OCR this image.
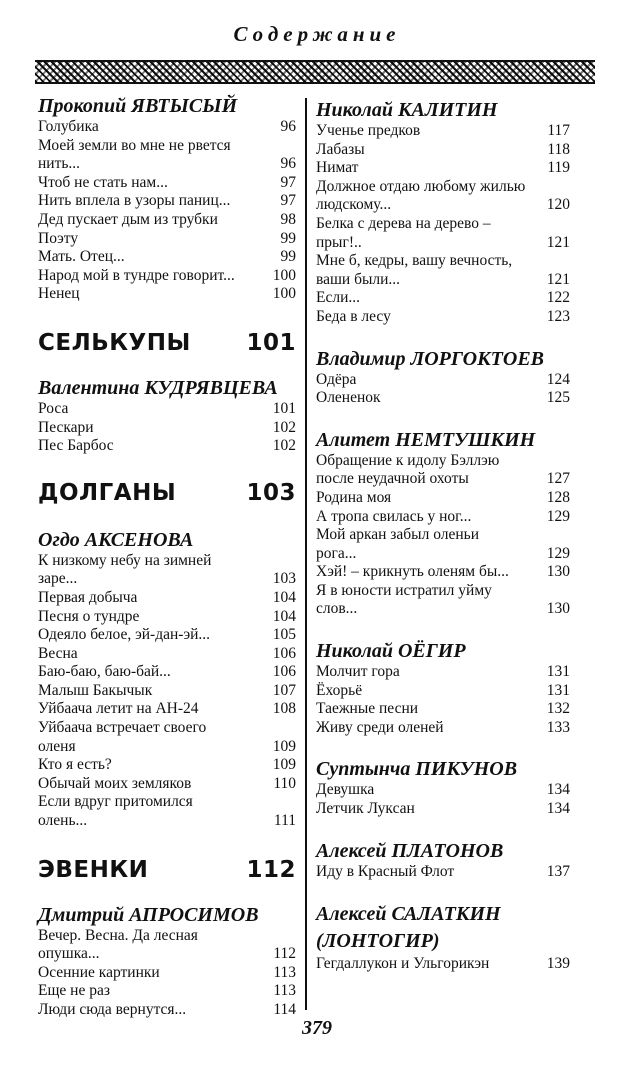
Содержание
Прокопий ЯВТЫСЫЙ
Голубика	96
Моей земли во мне не рвется
нить...	96
Чтоб не стать нам...	97
Нить вплела в узоры паниц...	97
Дед пускает дым из трубки	98
Поэту	99
Мать. Отец...	99
Народ мой в тундре говорит... 100
Ненец	100
СЕЛЬКУПЫ 101
Валентина КУДРЯВЦЕВА
Роса	101
Пескари	102
Пес Барбос	102
ДОЛГАНЫ	103
Огдо АКСЕНОВА
К низкому небу на зимней
заре...	103
Первая добыча	104
Песня о тундре	104
Одеяло белое, эй-дан-эй...	105
Весна	106
Баю-баю, баю-бай...	106
Малыш Бакычык	107
Уйбаача летит на АН-24	108
Уйбаача встречает своего
оленя	109
Кто я есть?	109
Обычай моих земляков	110
Если вдруг притомился
олень...	111
ЭВЕНКИ	112
Дмитрий АПРОСИМОВ
Вечер. Весна. Да лесная
опушка...	112
Осенние картинки	113
Еще не раз	113
Люди сюда вернутся...	114
Николай КАЛИТИН
Ученье предков	117
Лабазы	118
Нимат	119
Должное отдаю любому жилью
людскому...	120
Белка с дерева на дерево –
прыг!..	121
Мне б, кедры, вашу вечность,
ваши были...	121
Если...	122
Беда в лесу	123
Владимир ЛОРГОКТОЕВ
Одёра	124
Олененок	125
Алитет НЕМТУШКИН
Обращение к идолу Бэллэю
после неудачной охоты	127
Родина моя	128
А тропа свилась у ног...	129
Мой аркан забыл оленьи
рога...	129
Хэй! – крикнуть оленям бы... 130
Я в юности истратил уйму
слов...	130
Николай ОЁГИР
Молчит гора	131
Ёхорьё	131
Таежные песни	132
Живу среди оленей	133
Суптынча ПИКУНОВ
Девушка	134
Летчик Луксан	134
Алексей ПЛАТОНОВ
Иду в Красный Флот	137
Алексей САЛАТКИН
(ЛОНТОГИР)
Гегдаллукон и Ульгорикэн	139
379
